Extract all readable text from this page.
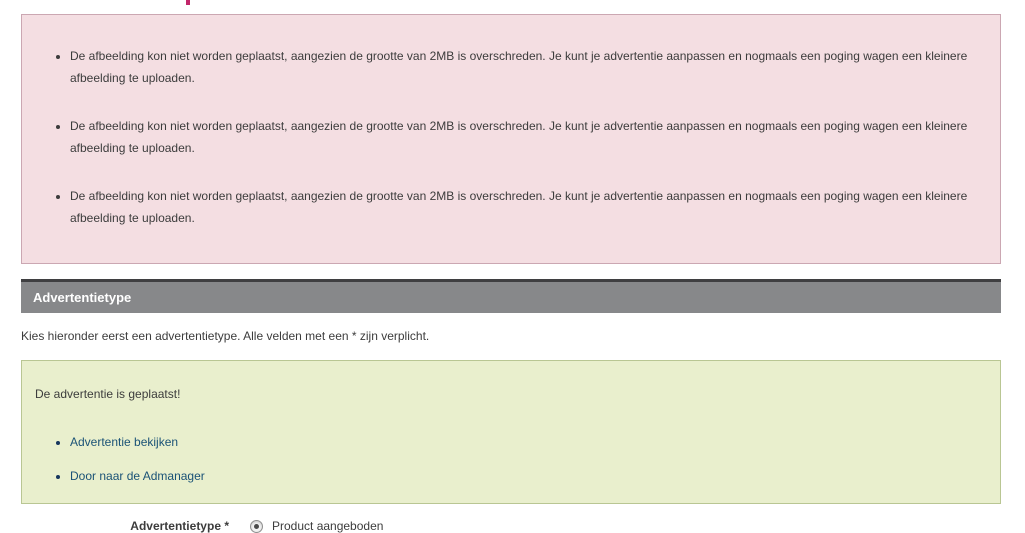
• De afbeelding kon niet worden geplaatst, aangezien de grootte van 2MB is overschreden. Je kunt je advertentie aanpassen en nogmaals een poging wagen een kleinere afbeelding te uploaden.
• De afbeelding kon niet worden geplaatst, aangezien de grootte van 2MB is overschreden. Je kunt je advertentie aanpassen en nogmaals een poging wagen een kleinere afbeelding te uploaden.
• De afbeelding kon niet worden geplaatst, aangezien de grootte van 2MB is overschreden. Je kunt je advertentie aanpassen en nogmaals een poging wagen een kleinere afbeelding te uploaden.
Advertentietype

Kies hieronder eerst een advertentietype. Alle velden met een * zijn verplicht.

De advertentie is geplaatst!
• Advertentie bekijken
• Door naar de Admanager
Advertentietype *	Product aangeboden
